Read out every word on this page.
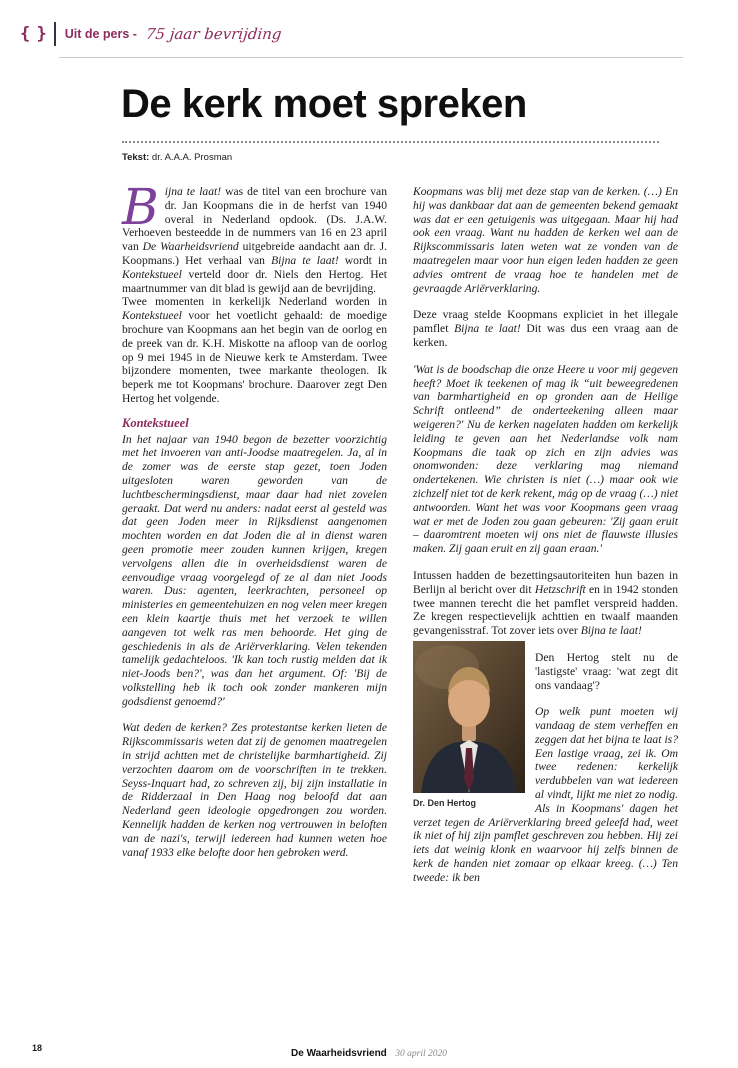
{ } Uit de pers - 75 jaar bevrijding
De kerk moet spreken
Tekst: dr. A.A.A. Prosman

Bijna te laat! was de titel van een brochure van dr. Jan Koopmans die in de herfst van 1940 overal in Nederland opdook. (Ds. J.A.W. Verhoeven besteedde in de nummers van 16 en 23 april van De Waarheidsvriend uitgebreide aandacht aan dr. J. Koopmans.) Het verhaal van Bijna te laat! wordt in Kontekstueel verteld door dr. Niels den Hertog. Het maartnummer van dit blad is gewijd aan de bevrijding.

Twee momenten in kerkelijk Nederland worden in Kontekstueel voor het voetlicht gehaald: de moedige brochure van Koopmans aan het begin van de oorlog en de preek van dr. K.H. Miskotte na afloop van de oorlog op 9 mei 1945 in de Nieuwe kerk te Amsterdam. Twee bijzondere momenten, twee markante theologen. Ik beperk me tot Koopmans' brochure. Daarover zegt Den Hertog het volgende.

Kontekstueel

In het najaar van 1940 begon de bezetter voorzichtig met het invoeren van anti-Joodse maatregelen. Ja, al in de zomer was de eerste stap gezet, toen Joden uitgesloten waren geworden van de luchtbeschermingsdienst, maar daar had niet zovelen geraakt. Dat werd nu anders: nadat eerst al gesteld was dat geen Joden meer in Rijksdienst aangenomen mochten worden en dat Joden die al in dienst waren geen promotie meer zouden kunnen krijgen, kregen vervolgens allen die in overheidsdienst waren de eenvoudige vraag voorgelegd of ze al dan niet Joods waren. Dus: agenten, leerkrachten, personeel op ministeries en gemeentehuizen en nog velen meer kregen een klein kaartje thuis met het verzoek te willen aangeven tot welk ras men behoorde. Het ging de geschiedenis in als de Ariërverklaring. Velen tekenden tamelijk gedachteloos. 'Ik kan toch rustig melden dat ik niet-Joods ben?', was dan het argument. Of: 'Bij de volkstelling heb ik toch ook zonder mankeren mijn godsdienst genoemd?'

Wat deden de kerken? Zes protestantse kerken lieten de Rijkscommissaris weten dat zij de genomen maatregelen in strijd achtten met de christelijke barmhartigheid. Zij verzochten daarom om de voorschriften in te trekken. Seyss-Inquart had, zo schreven zij, bij zijn installatie in de Ridderzaal in Den Haag nog beloofd dat aan Nederland geen ideologie opgedrongen zou worden. Kennelijk hadden de kerken nog vertrouwen in beloften van de nazi's, terwijl iedereen had kunnen weten hoe vanaf 1933 elke belofte door hen gebroken werd.

Koopmans was blij met deze stap van de kerken. (…) En hij was dankbaar dat aan de gemeenten bekend gemaakt was dat er een getuigenis was uitgegaan. Maar hij had ook een vraag. Want nu hadden de kerken wel aan de Rijkscommissaris laten weten wat ze vonden van de maatregelen maar voor hun eigen leden hadden ze geen advies omtrent de vraag hoe te handelen met de gevraagde Ariërverklaring.

Deze vraag stelde Koopmans expliciet in het illegale pamflet Bijna te laat! Dit was dus een vraag aan de kerken.

'Wat is de boodschap die onze Heere u voor mij gegeven heeft? Moet ik teekenen of mag ik “uit beweegredenen van barmhartigheid en op gronden aan de Heilige Schrift ontleend” de onderteekening alleen maar weigeren?' Nu de kerken nagelaten hadden om kerkelijk leiding te geven aan het Nederlandse volk nam Koopmans die taak op zich en zijn advies was onomwonden: deze verklaring mag niemand ondertekenen. Wie christen is niet (…) maar ook wie zichzelf niet tot de kerk rekent, mág op de vraag (…) niet antwoorden. Want het was voor Koopmans geen vraag wat er met de Joden zou gaan gebeuren: 'Zij gaan eruit – daaromtrent moeten wij ons niet de flauwste illusies maken. Zij gaan eruit en zij gaan eraan.'

Intussen hadden de bezettingsautoriteiten hun bazen in Berlijn al bericht over dit Hetzschrift en in 1942 stonden twee mannen terecht die het pamflet verspreid hadden. Ze kregen respectievelijk achttien en twaalf maanden gevangenisstraf. Tot zover iets over Bijna te laat!

Dr. Den Hertog

Den Hertog stelt nu de 'lastigste' vraag: 'wat zegt dit ons vandaag'?

Op welk punt moeten wij vandaag de stem verheffen en zeggen dat het bijna te laat is? Een lastige vraag, zei ik. Om twee redenen: kerkelijk verdubbelen van wat iedereen al vindt, lijkt me niet zo nodig. Als in Koopmans' dagen het verzet tegen de Ariërverklaring breed geleefd had, weet ik niet of hij zijn pamflet geschreven zou hebben. Hij zei iets dat weinig klonk en waarvoor hij zelfs binnen de kerk de handen niet zomaar op elkaar kreeg. (…) Ten tweede: ik ben

18	De Waarheidsvriend 30 april 2020
